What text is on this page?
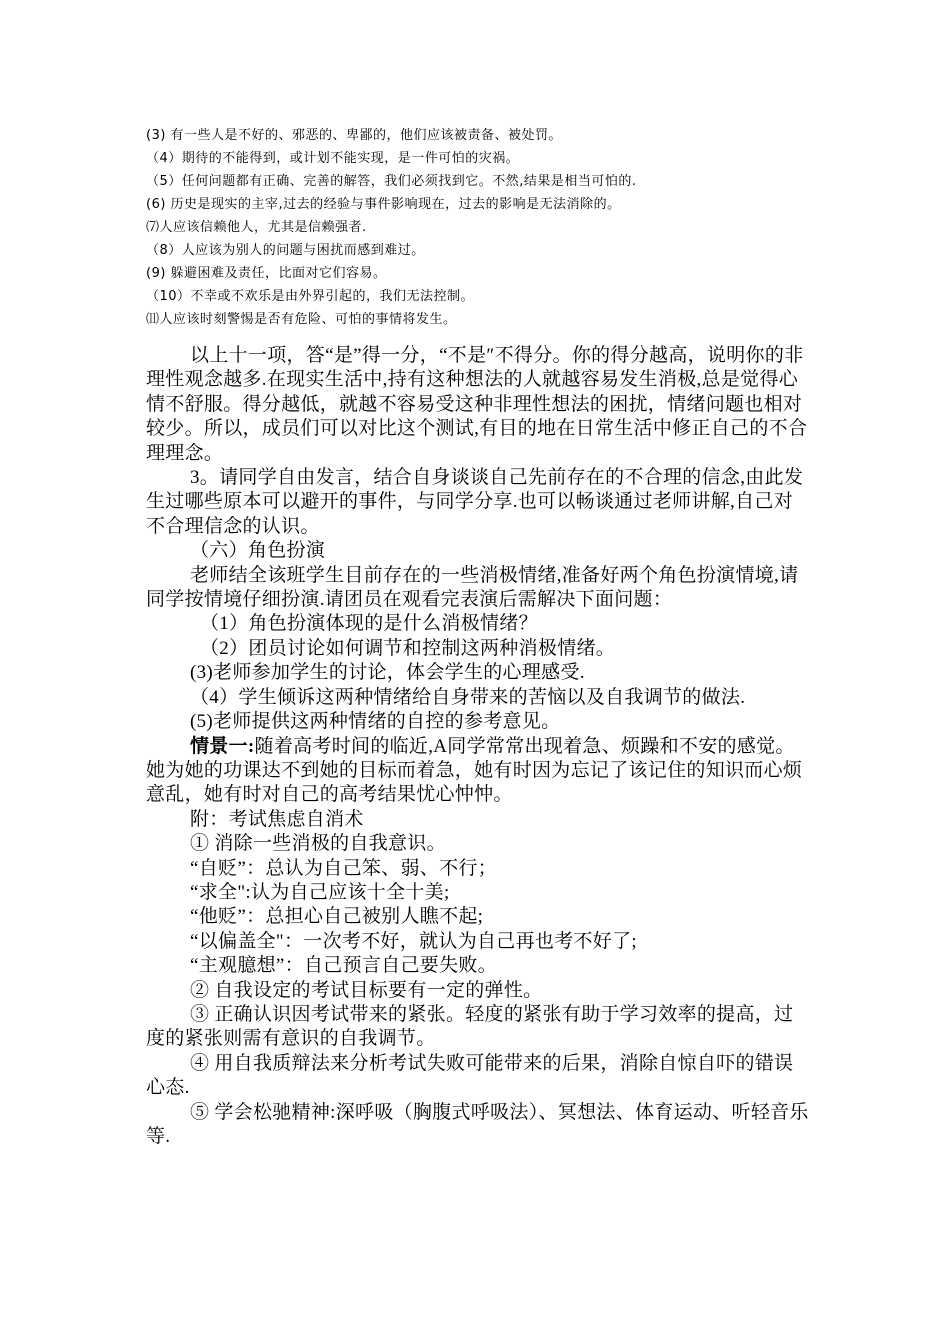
(3) 有一些人是不好的、邪恶的、卑鄙的，他们应该被责备、被处罚。

（4）期待的不能得到，或计划不能实现，是一件可怕的灾祸。

（5）任何问题都有正确、完善的解答，我们必须找到它。不然,结果是相当可怕的.

(6) 历史是现实的主宰,过去的经验与事件影响现在，过去的影响是无法消除的。

⑺人应该信赖他人，尤其是信赖强者.

（8）人应该为别人的问题与困扰而感到难过。

(9) 躲避困难及责任，比面对它们容易。

（10）不幸或不欢乐是由外界引起的，我们无法控制。

⑾人应该时刻警惕是否有危险、可怕的事情将发生。

以上十一项，答“是”得一分，“不是″不得分。你的得分越高，说明你的非理性观念越多.在现实生活中,持有这种想法的人就越容易发生消极,总是觉得心情不舒服。得分越低，就越不容易受这种非理性想法的困扰，情绪问题也相对较少。所以，成员们可以对比这个测试,有目的地在日常生活中修正自己的不合理理念。

3。请同学自由发言，结合自身谈谈自己先前存在的不合理的信念,由此发生过哪些原本可以避开的事件，与同学分享.也可以畅谈通过老师讲解,自己对不合理信念的认识。

（六）角色扮演

老师结全该班学生目前存在的一些消极情绪,准备好两个角色扮演情境,请同学按情境仔细扮演.请团员在观看完表演后需解决下面问题：

（1）角色扮演体现的是什么消极情绪？

（2）团员讨论如何调节和控制这两种消极情绪。

(3)老师参加学生的讨论，体会学生的心理感受.

（4）学生倾诉这两种情绪给自身带来的苦恼以及自我调节的做法.

(5)老师提供这两种情绪的自控的参考意见。

情景一:随着高考时间的临近,A同学常常出现着急、烦躁和不安的感觉。她为她的功课达不到她的目标而着急，她有时因为忘记了该记住的知识而心烦意乱，她有时对自己的高考结果忧心忡忡。

附：考试焦虑自消术

① 消除一些消极的自我意识。

“自贬”：总认为自己笨、弱、不行；

“求全":认为自己应该十全十美;

“他贬”：总担心自己被别人瞧不起;

“以偏盖全"：一次考不好，就认为自己再也考不好了;

“主观臆想”：自己预言自己要失败。

② 自我设定的考试目标要有一定的弹性。

③ 正确认识因考试带来的紧张。轻度的紧张有助于学习效率的提高，过度的紧张则需有意识的自我调节。

④ 用自我质辩法来分析考试失败可能带来的后果，消除自惊自吓的错误心态.

⑤ 学会松驰精神:深呼吸（胸腹式呼吸法）、冥想法、体育运动、听轻音乐等.
